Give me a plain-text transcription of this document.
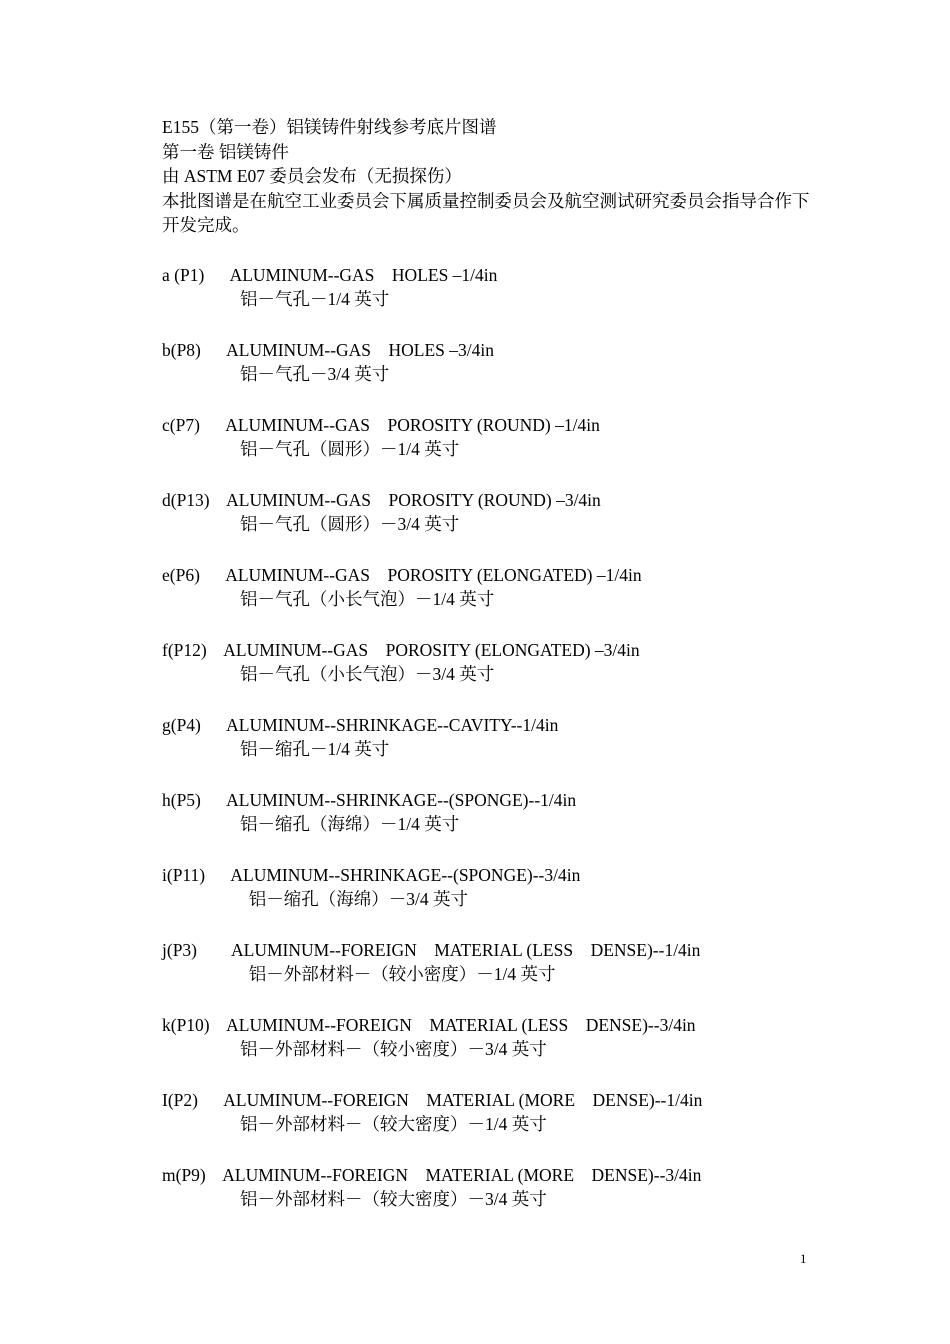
E155（第一卷）铝镁铸件射线参考底片图谱
第一卷 铝镁铸件
由 ASTM E07 委员会发布（无损探伤）
本批图谱是在航空工业委员会下属质量控制委员会及航空测试研究委员会指导合作下开发完成。
a (P1)      ALUMINUM--GAS    HOLES –1/4in
铝－气孔－1/4 英寸
b(P8)      ALUMINUM--GAS    HOLES –3/4in
铝－气孔－3/4 英寸
c(P7)      ALUMINUM--GAS    POROSITY (ROUND) –1/4in
铝－气孔（圆形）－1/4 英寸
d(P13)    ALUMINUM--GAS    POROSITY (ROUND) –3/4in
铝－气孔（圆形）－3/4 英寸
e(P6)      ALUMINUM--GAS    POROSITY (ELONGATED) –1/4in
铝－气孔（小长气泡）－1/4 英寸
f(P12)    ALUMINUM--GAS    POROSITY (ELONGATED) –3/4in
铝－气孔（小长气泡）－3/4 英寸
g(P4)      ALUMINUM--SHRINKAGE--CAVITY--1/4in
铝－缩孔－1/4 英寸
h(P5)      ALUMINUM--SHRINKAGE--(SPONGE)--1/4in
铝－缩孔（海绵）－1/4 英寸
i(P11)      ALUMINUM--SHRINKAGE--(SPONGE)--3/4in
铝－缩孔（海绵）－3/4 英寸
j(P3)        ALUMINUM--FOREIGN    MATERIAL (LESS    DENSE)--1/4in
铝－外部材料－（较小密度）－1/4 英寸
k(P10)    ALUMINUM--FOREIGN    MATERIAL (LESS    DENSE)--3/4in
铝－外部材料－（较小密度）－3/4 英寸
I(P2)      ALUMINUM--FOREIGN    MATERIAL (MORE    DENSE)--1/4in
铝－外部材料－（较大密度）－1/4 英寸
m(P9)    ALUMINUM--FOREIGN    MATERIAL (MORE    DENSE)--3/4in
铝－外部材料－（较大密度）－3/4 英寸
1
